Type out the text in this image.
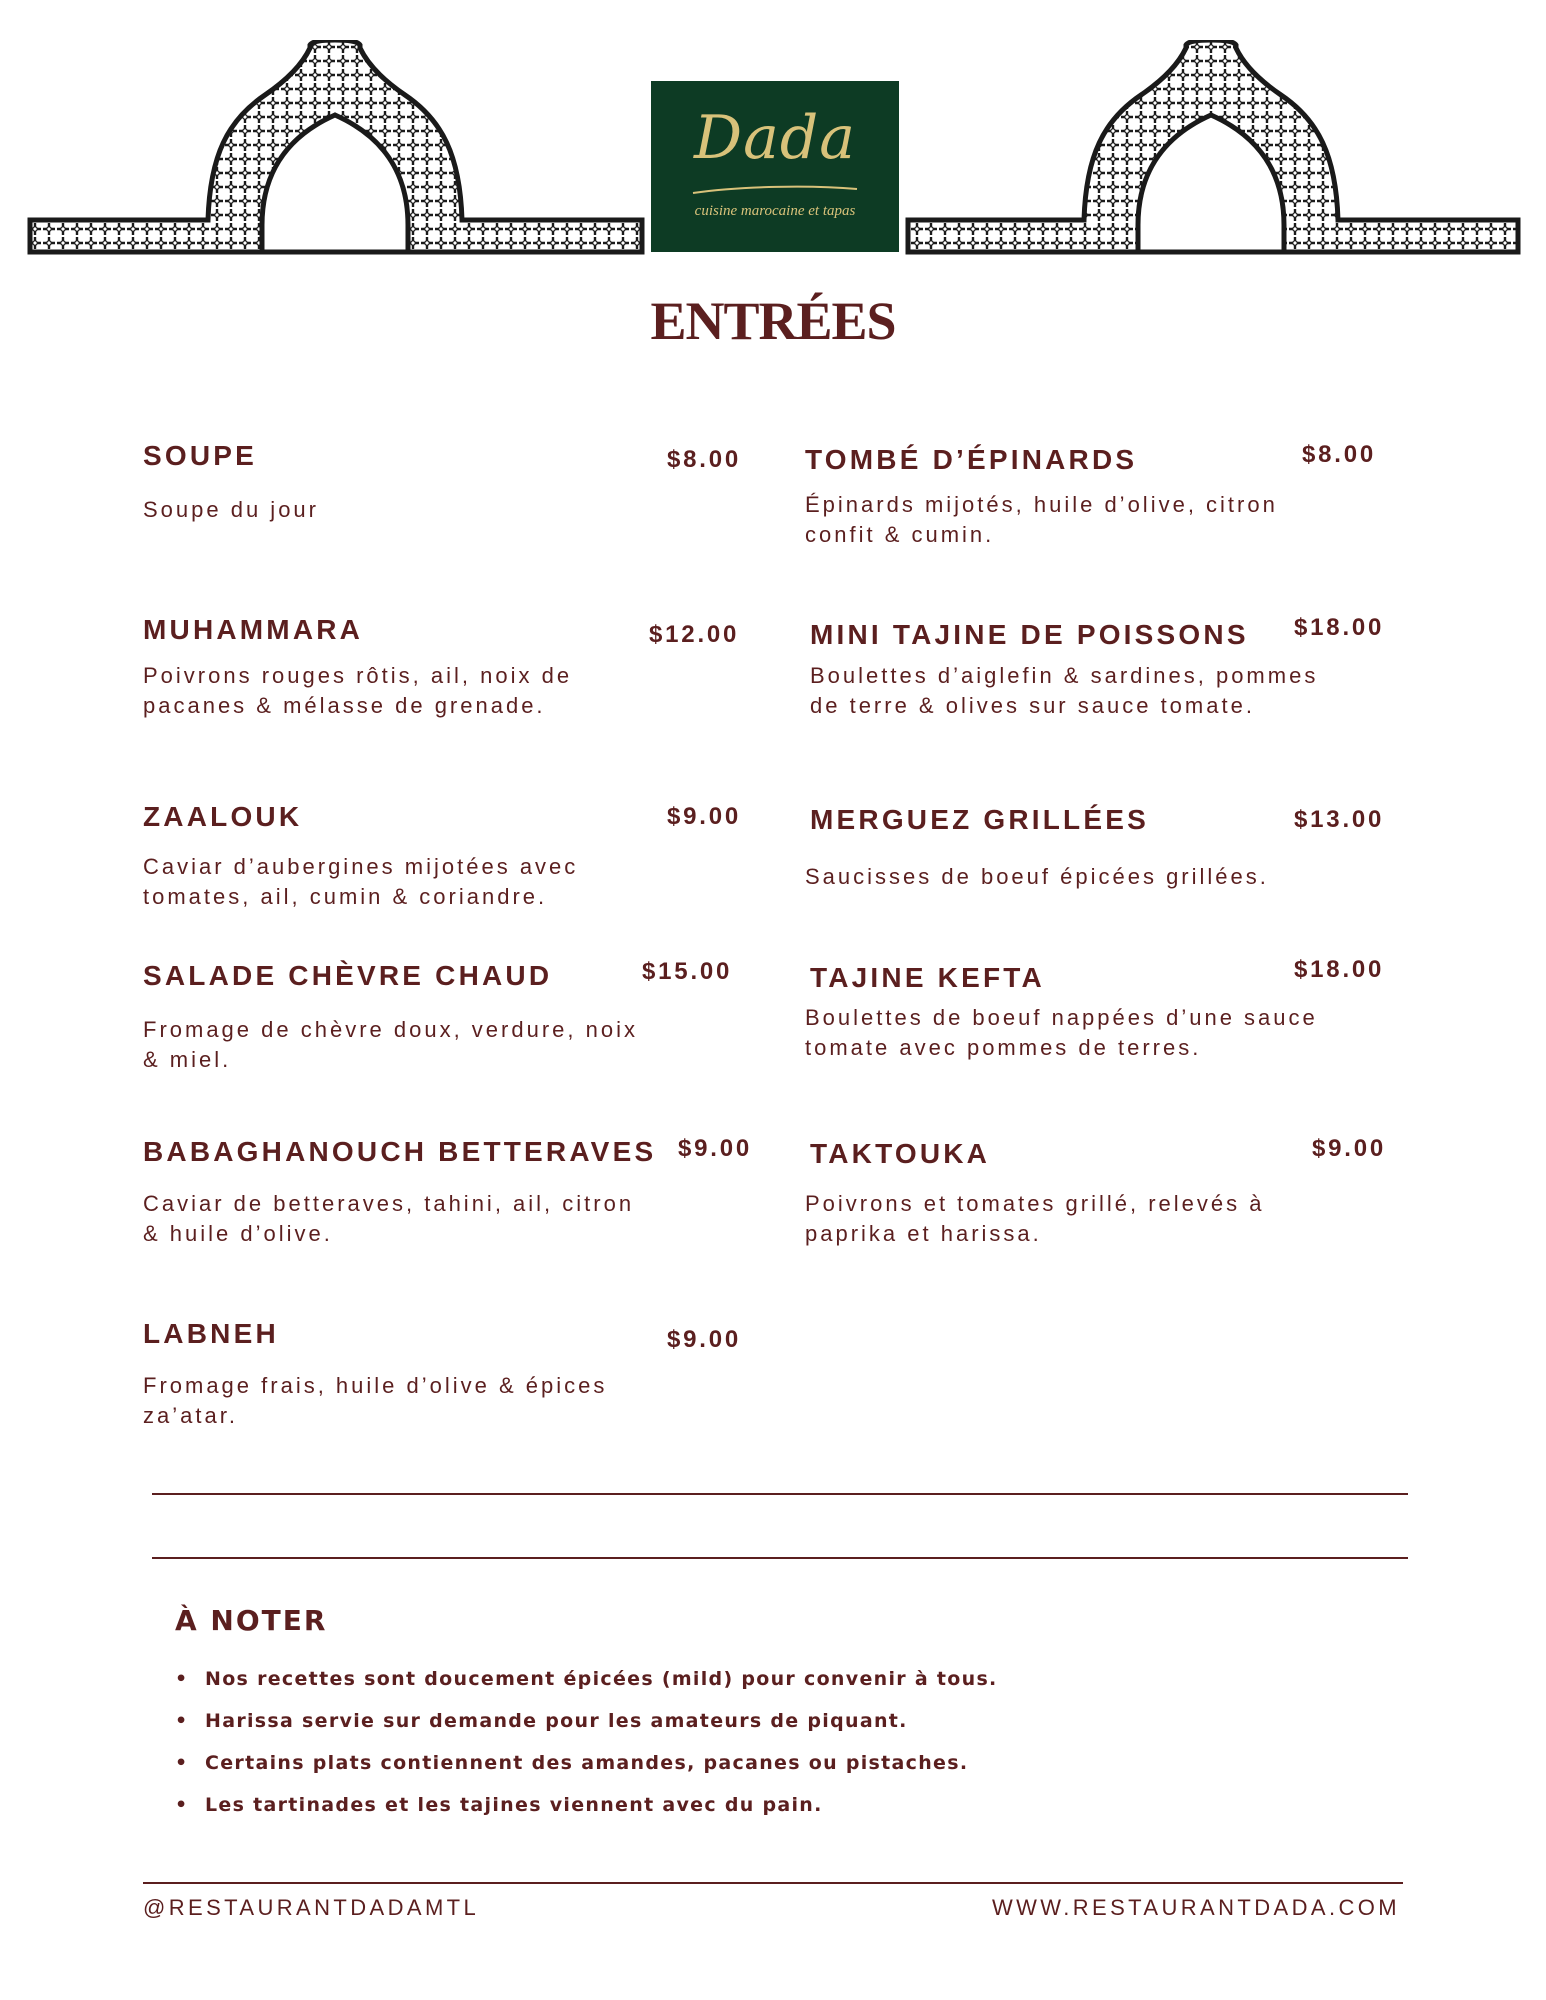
Dada
cuisine marocaine et tapas
ENTRÉES
SOUPE	$8.00
Soupe du jour
MUHAMMARA	$12.00
Poivrons rouges rôtis, ail, noix de pacanes & mélasse de grenade.
ZAALOUK	$9.00
Caviar d’aubergines mijotées avec tomates, ail, cumin & coriandre.
SALADE CHÈVRE CHAUD	$15.00
Fromage de chèvre doux, verdure, noix & miel.
BABAGHANOUCH BETTERAVES $9.00
Caviar de betteraves, tahini, ail, citron & huile d’olive.
LABNEH	$9.00
Fromage frais, huile d’olive & épices za’atar.
TOMBÉ D’ÉPINARDS	$8.00
Épinards mijotés, huile d’olive, citron confit & cumin.
MINI TAJINE DE POISSONS $18.00
Boulettes d’aiglefin & sardines, pommes de terre & olives sur sauce tomate.
MERGUEZ GRILLÉES	$13.00
Saucisses de boeuf épicées grillées.
TAJINE KEFTA	$18.00
Boulettes de boeuf nappées d’une sauce tomate avec pommes de terres.
TAKTOUKA	$9.00
Poivrons et tomates grillé, relevés à paprika et harissa.
À NOTER
• Nos recettes sont doucement épicées (mild) pour convenir à tous.
• Harissa servie sur demande pour les amateurs de piquant.
• Certains plats contiennent des amandes, pacanes ou pistaches.
• Les tartinades et les tajines viennent avec du pain.
@RESTAURANTDADAMTL	WWW.RESTAURANTDADA.COM
